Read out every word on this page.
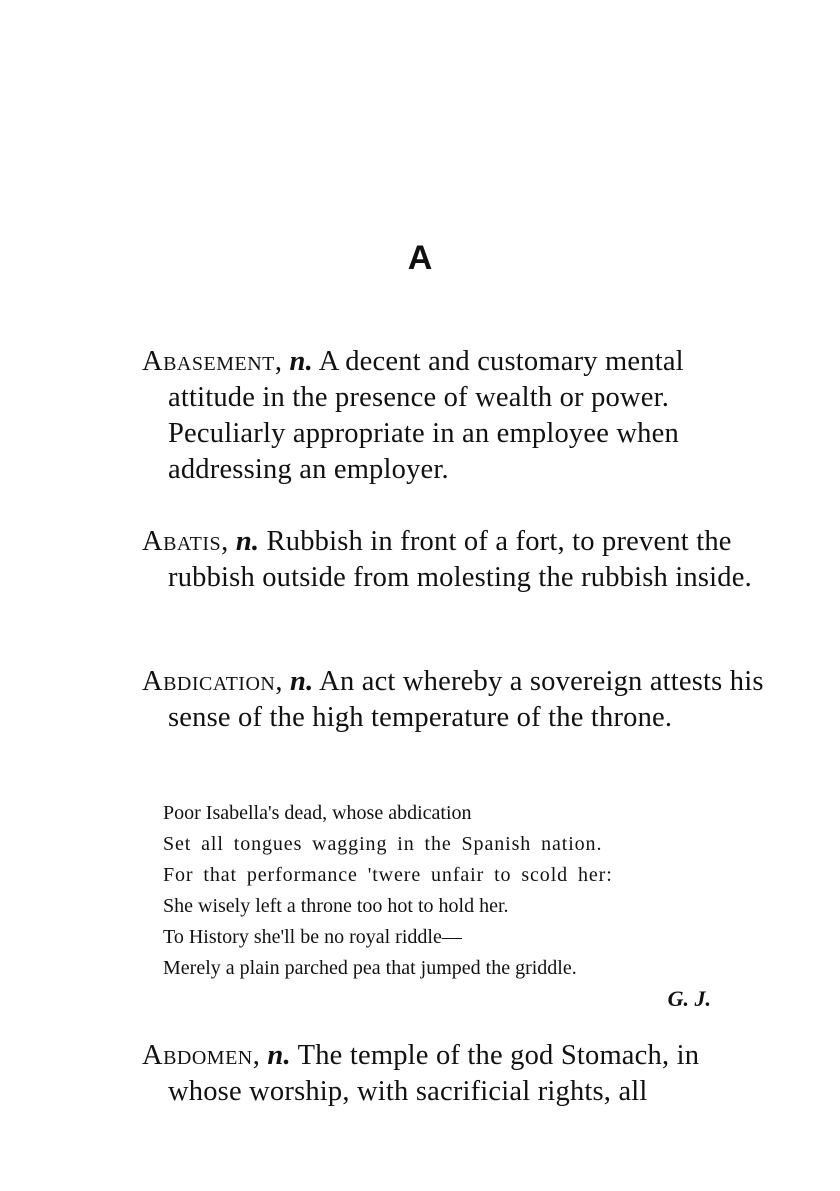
A
Abasement, n. A decent and customary mental attitude in the presence of wealth or power. Peculiarly appropriate in an employee when addressing an employer.
Abatis, n. Rubbish in front of a fort, to prevent the rubbish outside from molesting the rubbish inside.
Abdication, n. An act whereby a sovereign attests his sense of the high temperature of the throne.
Poor Isabella's dead, whose abdication
Set all tongues wagging in the Spanish nation.
For that performance 'twere unfair to scold her:
She wisely left a throne too hot to hold her.
To History she'll be no royal riddle—
Merely a plain parched pea that jumped the griddle.
G. J.
Abdomen, n. The temple of the god Stomach, in whose worship, with sacrificial rights, all
